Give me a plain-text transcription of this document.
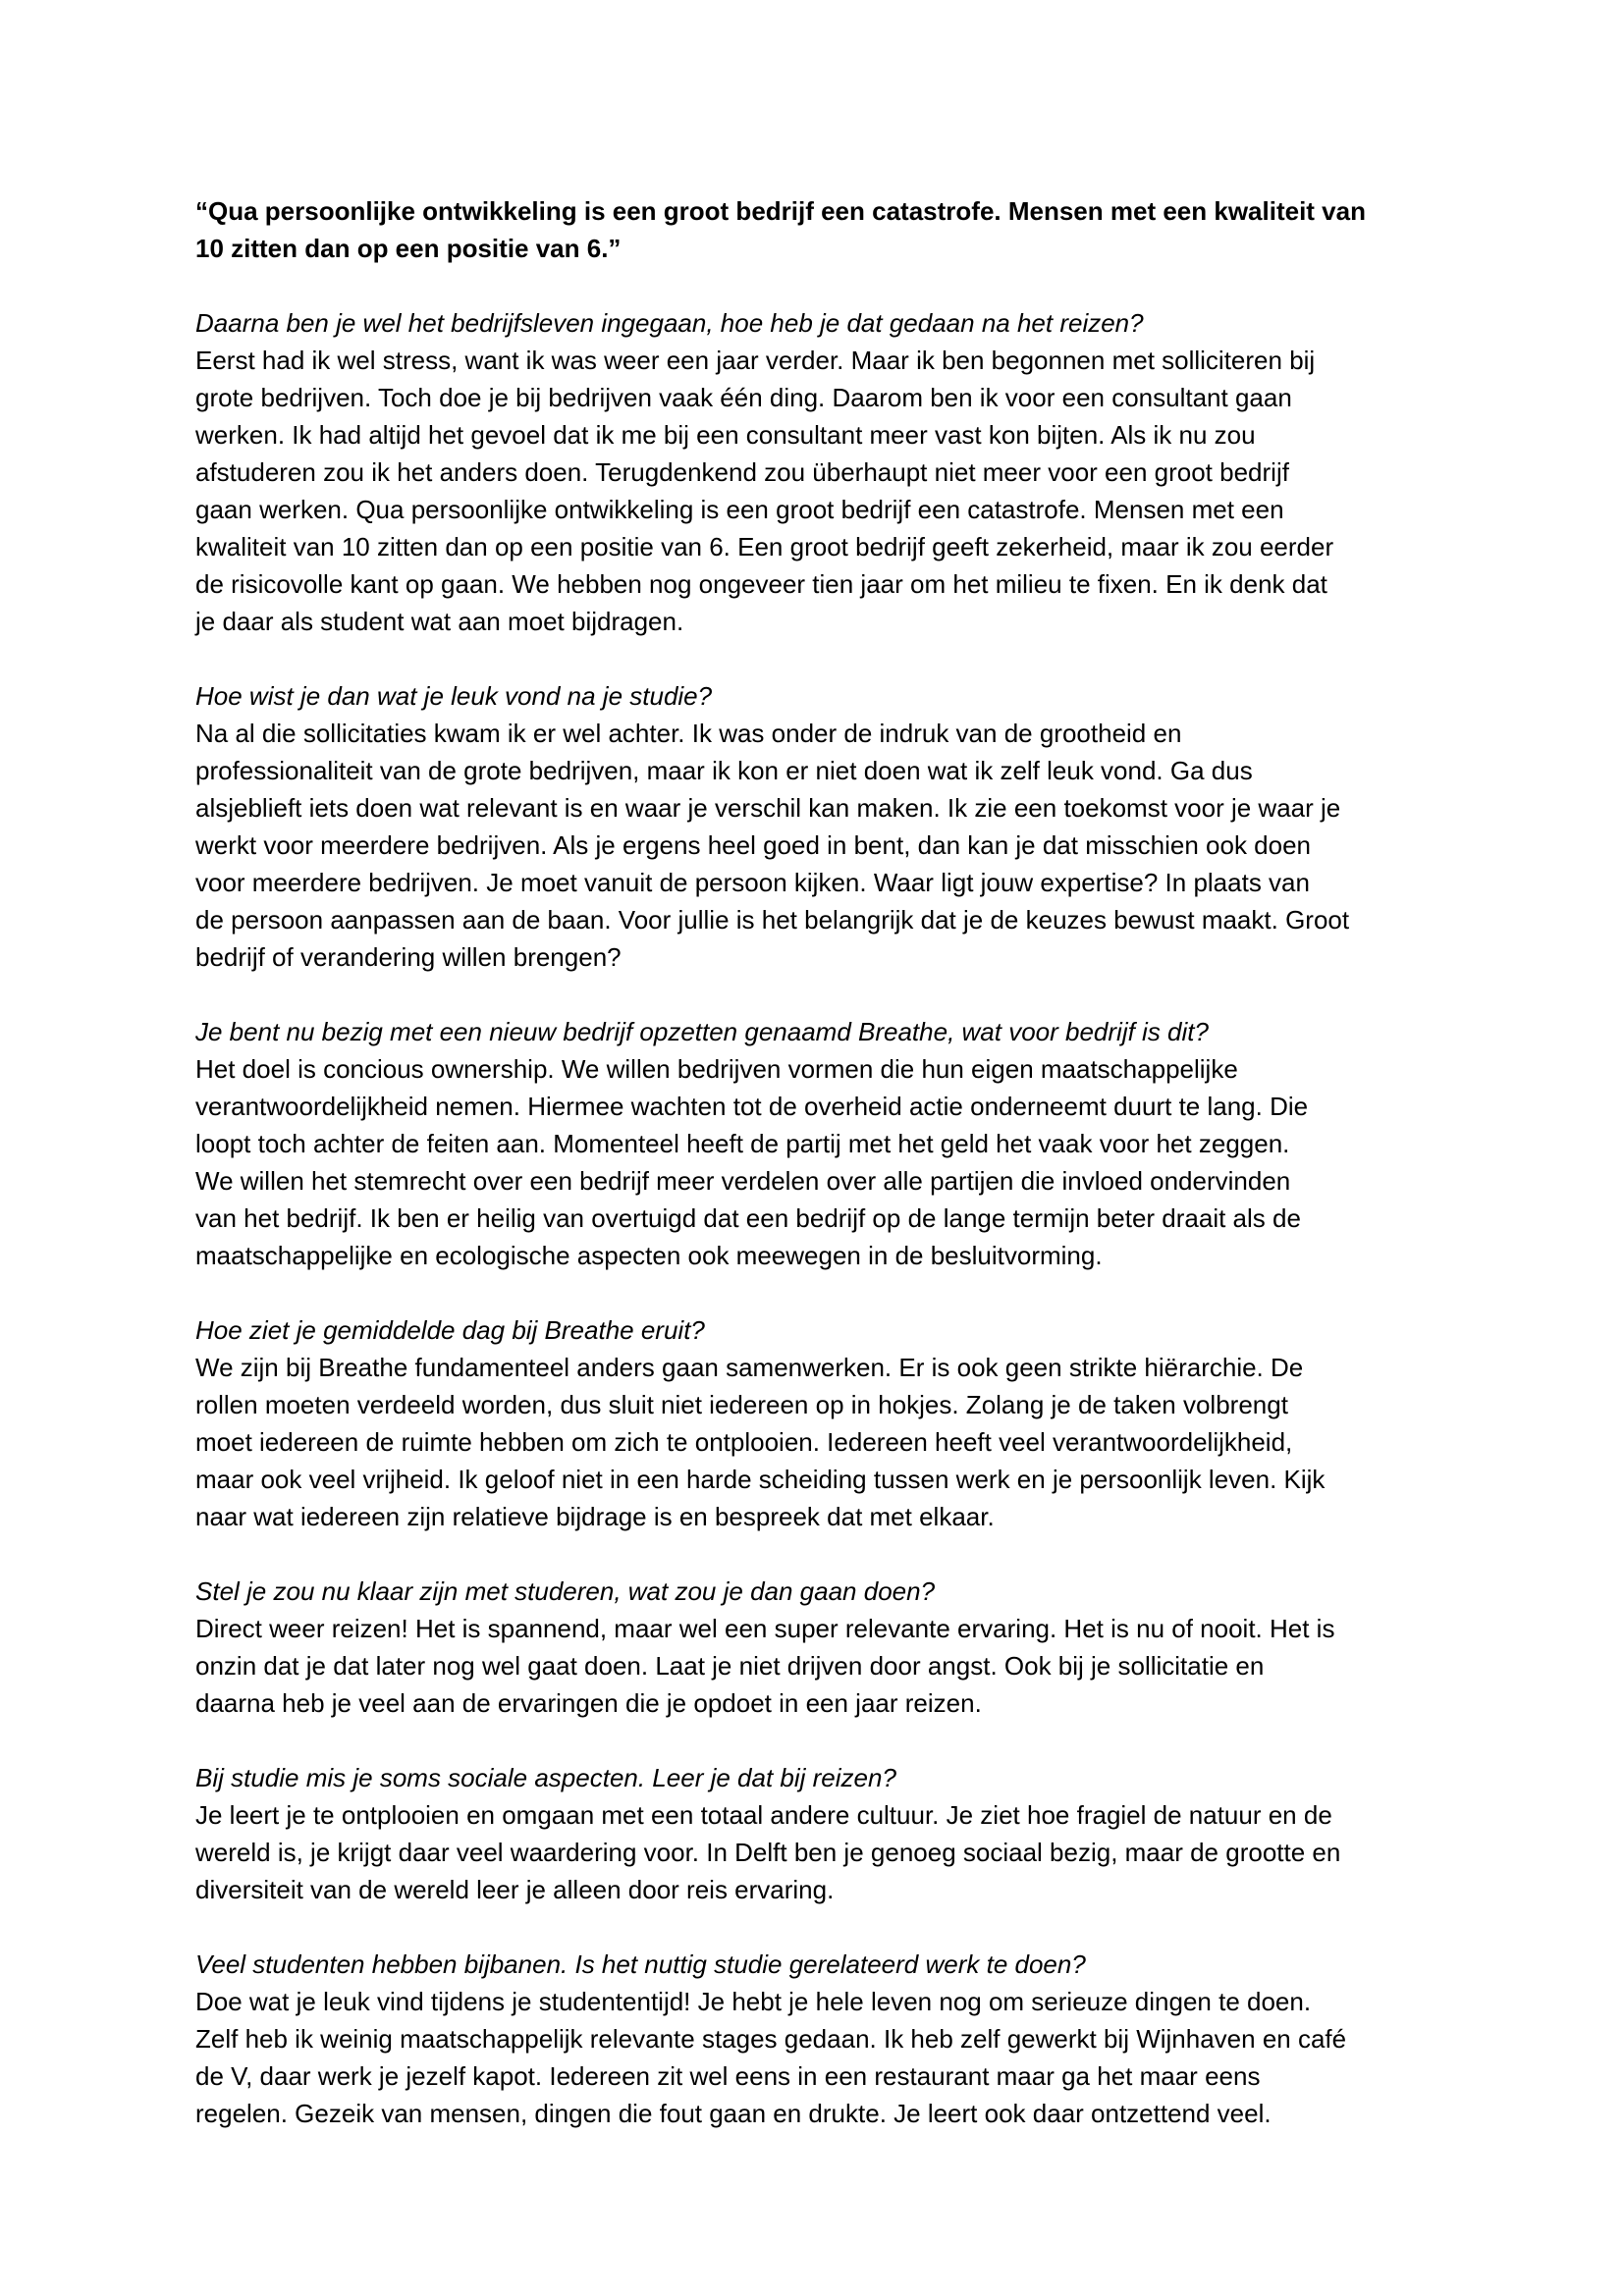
“Qua persoonlijke ontwikkeling is een groot bedrijf een catastrofe. Mensen met een kwaliteit van
10 zitten dan op een positie van 6.”

Daarna ben je wel het bedrijfsleven ingegaan, hoe heb je dat gedaan na het reizen?

Eerst had ik wel stress, want ik was weer een jaar verder. Maar ik ben begonnen met solliciteren bij
grote bedrijven. Toch doe je bij bedrijven vaak één ding. Daarom ben ik voor een consultant gaan
werken. Ik had altijd het gevoel dat ik me bij een consultant meer vast kon bijten. Als ik nu zou
afstuderen zou ik het anders doen. Terugdenkend zou überhaupt niet meer voor een groot bedrijf
gaan werken. Qua persoonlijke ontwikkeling is een groot bedrijf een catastrofe. Mensen met een
kwaliteit van 10 zitten dan op een positie van 6. Een groot bedrijf geeft zekerheid, maar ik zou eerder
de risicovolle kant op gaan. We hebben nog ongeveer tien jaar om het milieu te fixen. En ik denk dat
je daar als student wat aan moet bijdragen.

Hoe wist je dan wat je leuk vond na je studie?

Na al die sollicitaties kwam ik er wel achter. Ik was onder de indruk van de grootheid en
professionaliteit van de grote bedrijven, maar ik kon er niet doen wat ik zelf leuk vond. Ga dus
alsjeblieft iets doen wat relevant is en waar je verschil kan maken. Ik zie een toekomst voor je waar je
werkt voor meerdere bedrijven. Als je ergens heel goed in bent, dan kan je dat misschien ook doen
voor meerdere bedrijven. Je moet vanuit de persoon kijken. Waar ligt jouw expertise? In plaats van
de persoon aanpassen aan de baan. Voor jullie is het belangrijk dat je de keuzes bewust maakt. Groot
bedrijf of verandering willen brengen?

Je bent nu bezig met een nieuw bedrijf opzetten genaamd Breathe, wat voor bedrijf is dit?

Het doel is concious ownership. We willen bedrijven vormen die hun eigen maatschappelijke
verantwoordelijkheid nemen. Hiermee wachten tot de overheid actie onderneemt duurt te lang. Die
loopt toch achter de feiten aan. Momenteel heeft de partij met het geld het vaak voor het zeggen.
We willen het stemrecht over een bedrijf meer verdelen over alle partijen die invloed ondervinden
van het bedrijf. Ik ben er heilig van overtuigd dat een bedrijf op de lange termijn beter draait als de
maatschappelijke en ecologische aspecten ook meewegen in de besluitvorming.

Hoe ziet je gemiddelde dag bij Breathe eruit?

We zijn bij Breathe fundamenteel anders gaan samenwerken. Er is ook geen strikte hiërarchie. De
rollen moeten verdeeld worden, dus sluit niet iedereen op in hokjes. Zolang je de taken volbrengt
moet iedereen de ruimte hebben om zich te ontplooien. Iedereen heeft veel verantwoordelijkheid,
maar ook veel vrijheid. Ik geloof niet in een harde scheiding tussen werk en je persoonlijk leven. Kijk
naar wat iedereen zijn relatieve bijdrage is en bespreek dat met elkaar.

Stel je zou nu klaar zijn met studeren, wat zou je dan gaan doen?

Direct weer reizen! Het is spannend, maar wel een super relevante ervaring. Het is nu of nooit. Het is
onzin dat je dat later nog wel gaat doen. Laat je niet drijven door angst. Ook bij je sollicitatie en
daarna heb je veel aan de ervaringen die je opdoet in een jaar reizen.

Bij studie mis je soms sociale aspecten. Leer je dat bij reizen?

Je leert je te ontplooien en omgaan met een totaal andere cultuur. Je ziet hoe fragiel de natuur en de
wereld is, je krijgt daar veel waardering voor. In Delft ben je genoeg sociaal bezig, maar de grootte en
diversiteit van de wereld leer je alleen door reis ervaring.

Veel studenten hebben bijbanen. Is het nuttig studie gerelateerd werk te doen?

Doe wat je leuk vind tijdens je studententijd! Je hebt je hele leven nog om serieuze dingen te doen.
Zelf heb ik weinig maatschappelijk relevante stages gedaan. Ik heb zelf gewerkt bij Wijnhaven en café
de V, daar werk je jezelf kapot. Iedereen zit wel eens in een restaurant maar ga het maar eens
regelen. Gezeik van mensen, dingen die fout gaan en drukte. Je leert ook daar ontzettend veel.
